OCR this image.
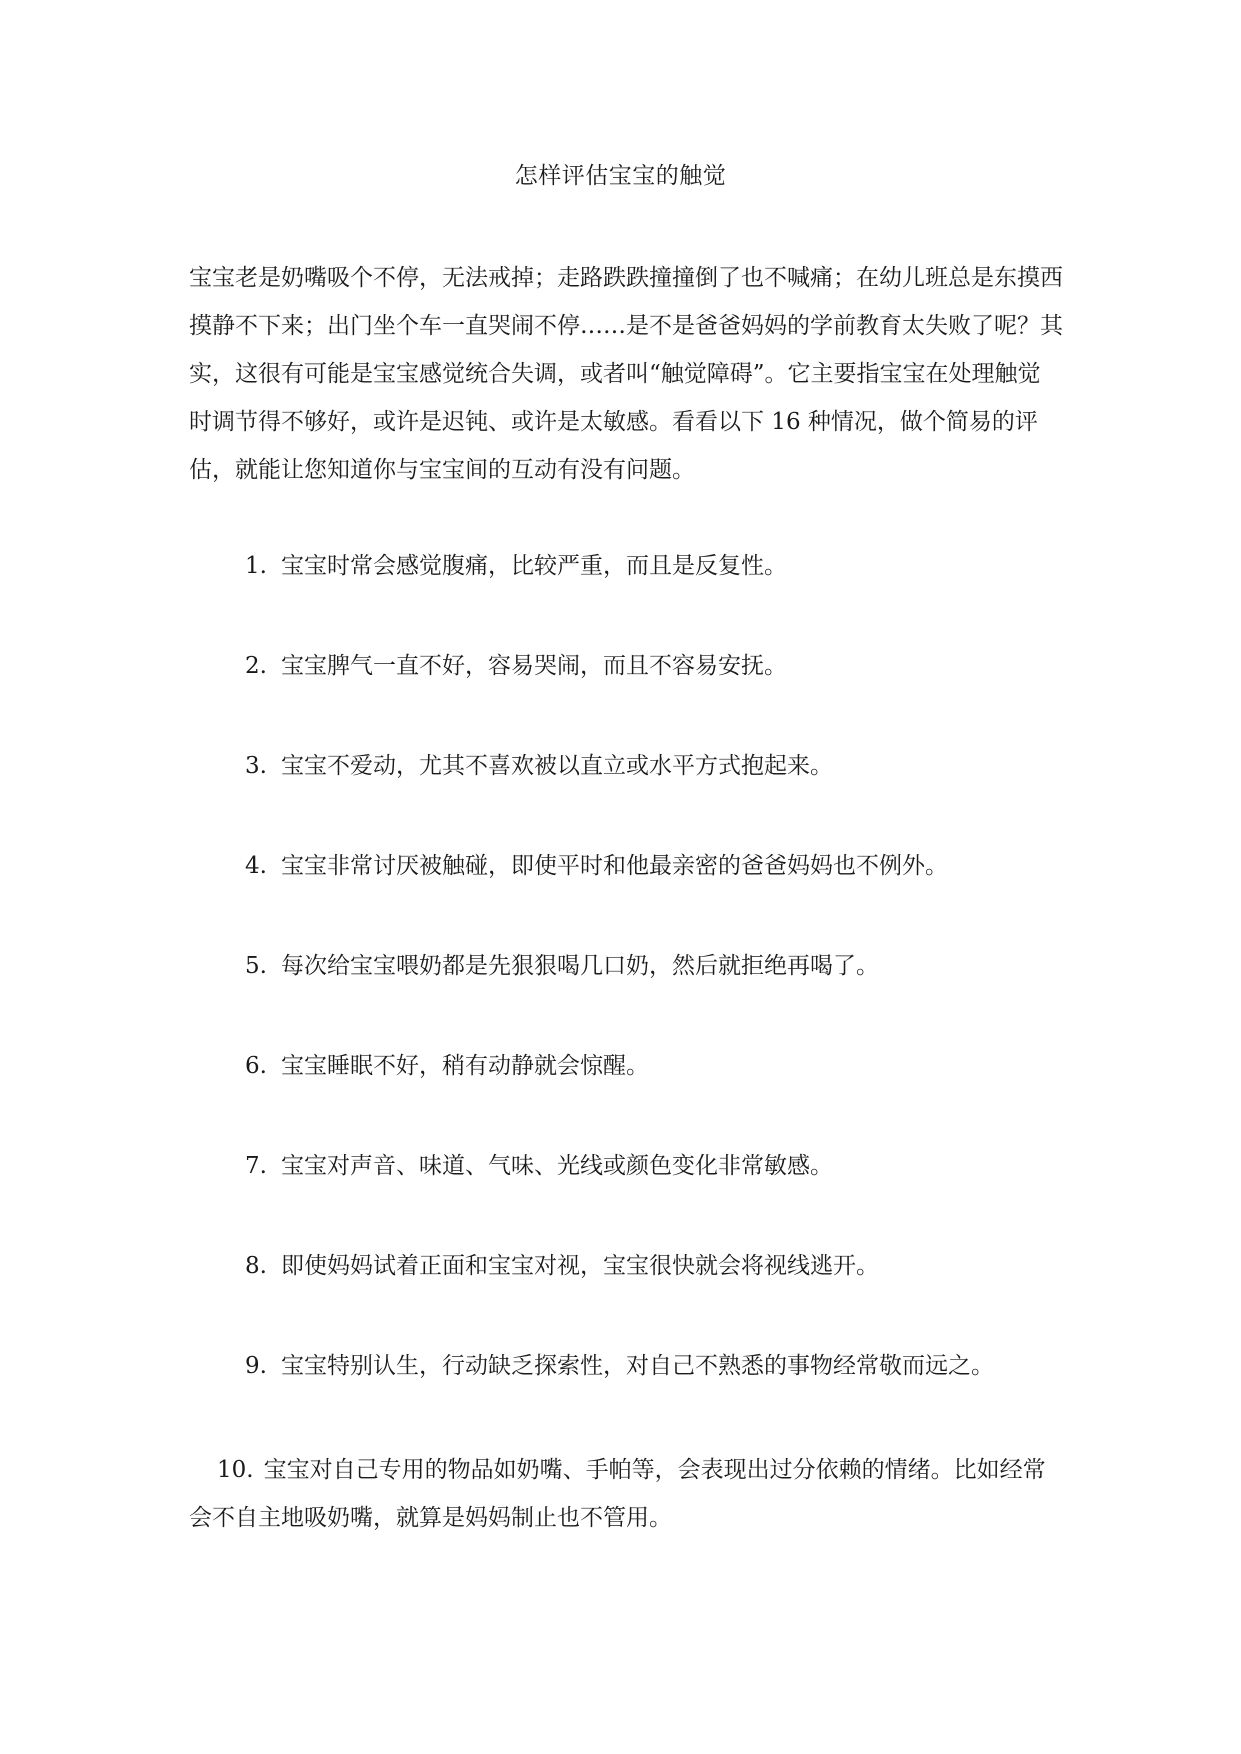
怎样评估宝宝的触觉

宝宝老是奶嘴吸个不停，无法戒掉；走路跌跌撞撞倒了也不喊痛；在幼儿班总是东摸西摸静不下来；出门坐个车一直哭闹不停……是不是爸爸妈妈的学前教育太失败了呢？其实，这很有可能是宝宝感觉统合失调，或者叫“触觉障碍”。它主要指宝宝在处理触觉时调节得不够好，或许是迟钝、或许是太敏感。看看以下 16 种情况，做个简易的评估，就能让您知道你与宝宝间的互动有没有问题。

1. 宝宝时常会感觉腹痛，比较严重，而且是反复性。
2. 宝宝脾气一直不好，容易哭闹，而且不容易安抚。
3. 宝宝不爱动，尤其不喜欢被以直立或水平方式抱起来。
4. 宝宝非常讨厌被触碰，即使平时和他最亲密的爸爸妈妈也不例外。
5. 每次给宝宝喂奶都是先狠狠喝几口奶，然后就拒绝再喝了。
6. 宝宝睡眠不好，稍有动静就会惊醒。
7. 宝宝对声音、味道、气味、光线或颜色变化非常敏感。
8. 即使妈妈试着正面和宝宝对视，宝宝很快就会将视线逃开。
9. 宝宝特别认生，行动缺乏探索性，对自己不熟悉的事物经常敬而远之。
10. 宝宝对自己专用的物品如奶嘴、手帕等，会表现出过分依赖的情绪。比如经常会不自主地吸奶嘴，就算是妈妈制止也不管用。
